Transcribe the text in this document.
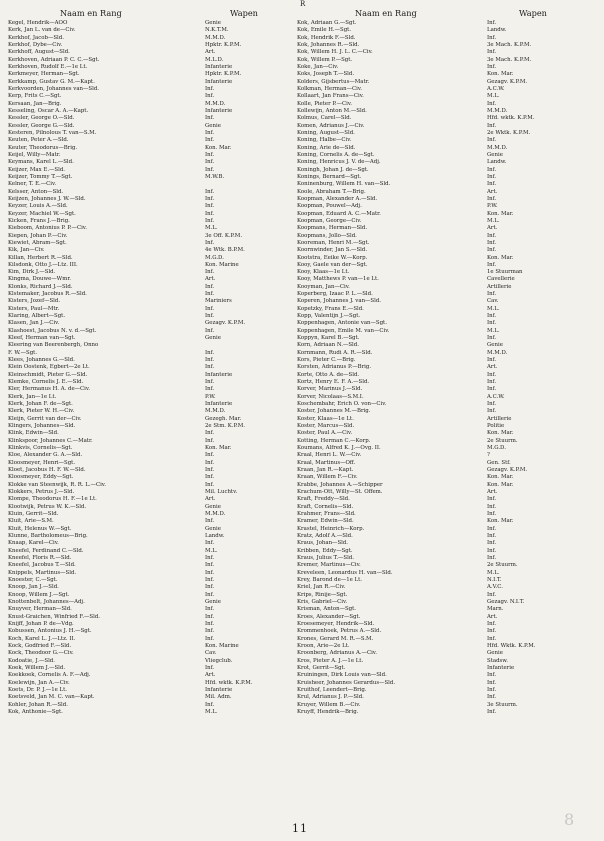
R
Naam en Rang	Wapen
Kegel, Hendrik—AOO	Genie
Kerk, Jan L. van de—Civ.	N.K.T.M.
Kerkhof, Jacob—Sld.	M.M.D.
Kerkhof, Dybe—Civ.	Hpktr. K.P.M.
Kerkhoff, August—Sld.	Art.
Kerkhoven, Adriaan P. C. C.—Sgt.	M.L.D.
Kerkhoven, Rudolf E.—1e Lt.	Infanterie
Kerkmeyer, Herman—Sgt.	Hpktr. K.P.M.
Kerkkamp, Gustav G. M.—Kapt.	Infanterie
Kerkvoorden, Johannes van—Sld.	Inf.
Kerp, Frits C.—Sgt.	Inf.
Kersaan, Jan—Brig.	M.M.D.
Kesseling, Oscar A. A.—Kapt.	Infanterie
Kessler, George O.—Sld.	Inf.
Kessler, George G.—Sld.	Genie
Kesteren, Pilnolous T. van—S.M.	Inf.
Keuten, Peter A.—Sld.	Inf.
Keuter, Theodorus—Brig.	Kon. Mar.
Keijel, Willy—Matr.	Inf.
Keymans, Karel L.—Sld.	Inf.
Keijzer, Max E.—Sld.	Inf.
Keijzer, Tommy T.—Sgt.	M.W.B.
Kelner, T. E.—Civ.
Kelsser, Anton—Sld.	Inf.
Keijzen, Johannes J. W.—Sld.	Inf.
Keyzer, Louis A.—Sld.	Inf.
Keyzer, Machiel W.—Sgt.	Inf.
Kicken, Frans J.—Brig.	Inf.
Kieboom, Antonius P. P.—Civ.	M.L.
Kiepen, Johan P.—Civ.	3e Off. K.P.M.
Kiewiet, Abram—Sgt.	Inf.
Kik, Jan—Civ.	4e Wtk. B.P.M.
Killan, Herbert R.—Sld.	M.G.D.
Kilsdonk, Otto J.—Ltz. III.	Kon. Marine
Kim, Dirk J.—Sld.	Inf.
Kingma, Douwe—Wmr.	Art.
Klonks, Richard J.—Sld.	Inf.
Klstemaker, Jacobus R.—Sld.	Inf.
Kisters, Jozef—Sld.	Mariniers
Kisters, Paul—Mtr.	Inf.
Klaring, Albert—Sgt.	Inf.
Klasen, Jan J.—Civ.	Gezagv. K.P.M.
Klashoest, Jacobus N. v. d.—Sgt.	Inf.
Kleef, Herman van—Sgt.	Genie
Kleering van Beerenbergh, Onno
F. W.—Sgt.	Inf.
Klees, Johannes G.—Sld.	Inf.
Klein Oostenk, Egbert—2e Lt.	Inf.
Kleinschmidt, Pieter G.—Sld.	Infanterie
Klemke, Cornelis J. E.—Sld.	Inf.
Kler, Hermanus H. A. de—Civ.	Inf.
Klerk, Jan—1e Lt.	P.W.
Klerk, Johan F. de—Sgt.	Infanterie
Klerk, Pieter W. H.—Civ.	M.M.D.
Kleijn, Gerrit van der—Civ.	Gezegh. Mar.
Klingers, Johannes—Sld.	2e Stm. K.P.M.
Klink, Edwin—Sld.	Inf.
Klinkspoor, Johannes C.—Matr.	Inf.
Klinkvis, Cornelis—Sgt.	Kon. Mar.
Kloe, Alexander G. A.—Sld.	Inf.
Kloosmeyer, Henri—Sgt.	Inf.
Kloet, Jacobus H. F. W.—Sld.	Inf.
Kloosmeyer, Eddy—Sgt.	Inf.
Klokke van Steenwijk, R. R. L.—Civ.	Inf.
Klokkers, Petrus J.—Sld.	Mil. Luchtv.
Klompe, Theodorus H. F.—1e Lt.	Art.
Klootwijk, Petrus W. K.—Sld.	Genie
Kluin, Gerrit—Sld.	M.M.D.
Kluit, Arie—S.M.	Inf.
Kluit, Helenus W.—Sgt.	Genie
Klunne, Bartholomeus—Brig.	Landw.
Knaap, Karel—Civ.	Inf.
Kneefel, Ferdinand C.—Sld.	M.L.
Kneefel, Floris R.—Sld.	Inf.
Kneefel, Jacobus T.—Sld.	Inf.
Knippels, Martinus—Sld.	Inf.
Knoester, C.—Sgt.	Inf.
Knoop, Jan J.—Sld.	Inf.
Knoop, Willem J.—Sgt.	Inf.
Knottenbelt, Johannes—Adj.	Genie
Knuyver, Herman—Sld.	Inf.
Knust-Graichen, Winfried F.—Sld.	Inf.
Knijff, Johan P. de—Vdg.	Inf.
Kobussen, Antonius J. H.—Sgt.	Inf.
Koch, Karel L. J.—Ltz. II.	Inf.
Kock, Godfried F.—Sld.	Kon. Marine
Kock, Theodoor G.—Civ.	Cav.
Kodoatie, J.—Sld.	Vliegclub.
Koek, Willem J.—Sld.	Inf.
Koekkoek, Cornelis A. F.—Adj.	Art.
Koelewijn, Jan A.—Civ.	Hfd. wktk. K.P.M.
Koets, Dr. P. J.—1e Lt.	Infanterie
Koetsveld, Jan M. C. van—Kapt.	Mil. Adm.
Kohler, Johan R.—Sld.	Inf.
Kok, Anthonie—Sgt.	M.L.
Naam en Rang	Wapen
Kok, Adriaan G.—Sgt.	Inf.
Kok, Emile H.—Sgt.	Landw.
Kok, Hendrik F.—Sld.	Inf.
Kok, Johannes R.—Sld.	3e Mach. K.P.M.
Kok, Willem H. J. L. C.—Civ.	Inf.
Kok, Willem P.—Sgt.	3e Mach. K.P.M.
Koke, Jan—Civ.	Inf.
Koks, Joseph T.—Sld.	Kon. Mar.
Kolders, Gijsbertus—Matr.	Gezagv. K.P.M.
Kolkman, Herman—Civ.	A.C.W.
Kollaart, Jan Frans—Civ.	M.L.
Kolle, Pieter P.—Civ.	Inf.
Kollewijn, Anton M.—Sld.	M.M.D.
Kolmus, Carel—Sld.	Hfd. wktk. K.P.M.
Komen, Adrianus J.—Civ.	Inf.
Koning, August—Sld.	2e Wktk. K.P.M.
Koning, Halbe—Civ.	Inf.
Koning, Arie de—Sld.	M.M.D.
Koning, Cornelis A. de—Sgt.	Genie
Koning, Henricus J. V. de—Adj.	Landw.
Koningh, Johan J. de—Sgt.	Inf.
Konings, Bernard—Sgt.	Inf.
Koninenburg, Willem H. van—Sld.	Inf.
Koole, Abraham T.—Brig.	Art.
Koopman, Alexander A.—Sld.	Inf.
Koopman, Pouwel—Adj.	P.W.
Koopman, Eduard A. C.—Matr.	Kon. Mar.
Koopman, George—Civ.	M.L.
Koopmans, Herman—Sld.	Art.
Koopmans, Jollo—Sld.	Inf.
Kooreman, Henri M.—Sgt.	Inf.
Koornwinder, Jan S.—Sld.	Inf.
Kootstra, Eeike W.—Korp.	Kon. Mar.
Kooy, Gaele van der—Sgt.	Inf.
Kooy, Klaas—1e Lt.	1e Stuurman
Kooy, Matthews P. van—1e Lt.	Cavellerie
Kooyman, Jan—Civ.	Artillerie
Koperberg, Izaac P. L.—Sld.	Inf.
Koperen, Johannes J. van—Sld.	Cav.
Kopetzky, Frans E.—Sld.	M.L.
Kopp, Valentijn J.—Sgt.	Inf.
Koppenhagen, Antonie van—Sgt.	Inf.
Koppenhagen, Emile M. van—Civ.	M.L.
Koppyn, Karel B.—Sgt.	Inf.
Korn, Adriaan N.—Sld.	Genie
Kornmann, Rudi A. R.—Sld.	M.M.D.
Kors, Pieter C.—Brig.	Inf.
Korsten, Adrianus P.—Brig.	Art.
Korte, Otto A. de—Sld.	Inf.
Kortz, Henry E. F. A.—Sld.	Inf.
Korver, Marinus J.—Sld.	Inf.
Korver, Nicolaas—S.M.I.	A.C.W.
Koschembahr, Erich O. von—Civ.	Inf.
Koster, Johannes M.—Brig.	Inf.
Koster, Klaas—1e Lt.	Artillerie
Koster, Marcus—Sld.	Politie
Koster, Paul A.—Civ.	Kon. Mar.
Kotting, Herman C.—Korp.	2e Stuurm.
Koumans, Alfred K. J.—Ovg. II.	M.G.D.
Kraal, Henri L. W.—Civ.	?
Kraal, Martinus—Off.	Gen. Stf.
Kraan, Jan R.—Kapt.	Gezagv. K.P.M.
Kraan, Willem F.—Civ.	Kon. Mar.
Krabbe, Johannes A.—Schipper	Kon. Mar.
Krachum-Ott, Willy—St. Offem.	Art.
Kraft, Freddy—Sld.	Inf.
Kraft, Cornelis—Sld.	Inf.
Krahmer, Frans—Sld.	Inf.
Kramer, Edwin—Sld.	Kon. Mar.
Krastel, Heinrich—Korp.	Inf.
Kratz, Adolf A.—Sld.	Inf.
Kraus, Johan—Sld.	Inf.
Kribben, Eddy—Sgt.	Inf.
Kraus, Julius T.—Sld.	Inf.
Kremer, Martinus—Civ.	2e Stuurm.
Kreveleen, Leonardus H. van—Sld.	M.L.
Krey, Barond de—1e Lt.	N.I.T.
Kriel, Jan R.—Civ.	A.V.C.
Krips, Rinije—Sgt.	Inf.
Kris, Gabriel—Civ.	Gezagv. N.I.T.
Krisman, Anton—Sgt.	Marn.
Kroes, Alexander—Sgt.	Art.
Kroesemeyer, Hendrik—Sld.	Inf.
Krommenhoek, Petrus A.—Sld.	Inf.
Krones, Gerard M. R.—S.M.	Inf.
Kroon, Arie—2e Lt.	Hfd. Wktk. K.P.M.
Kroonberg, Adrianus A.—Civ.	Genie
Kros, Pieter A. J.—1e Lt.	Stadsw.
Krot, Gerrit—Sgt.	Infanterie
Kruiningen, Dirk Louis van—Sld.	Inf.
Kruisheer, Johannes Gerardus—Sld.	Inf.
Kruithof, Leendert—Brig.	Inf.
Krul, Adrianus J. P.—Sld.	Inf.
Kruyer, Willem B.—Civ.	3e Stuurm.
Kruyff, Hendrik—Brig.	Inf.
11	8
